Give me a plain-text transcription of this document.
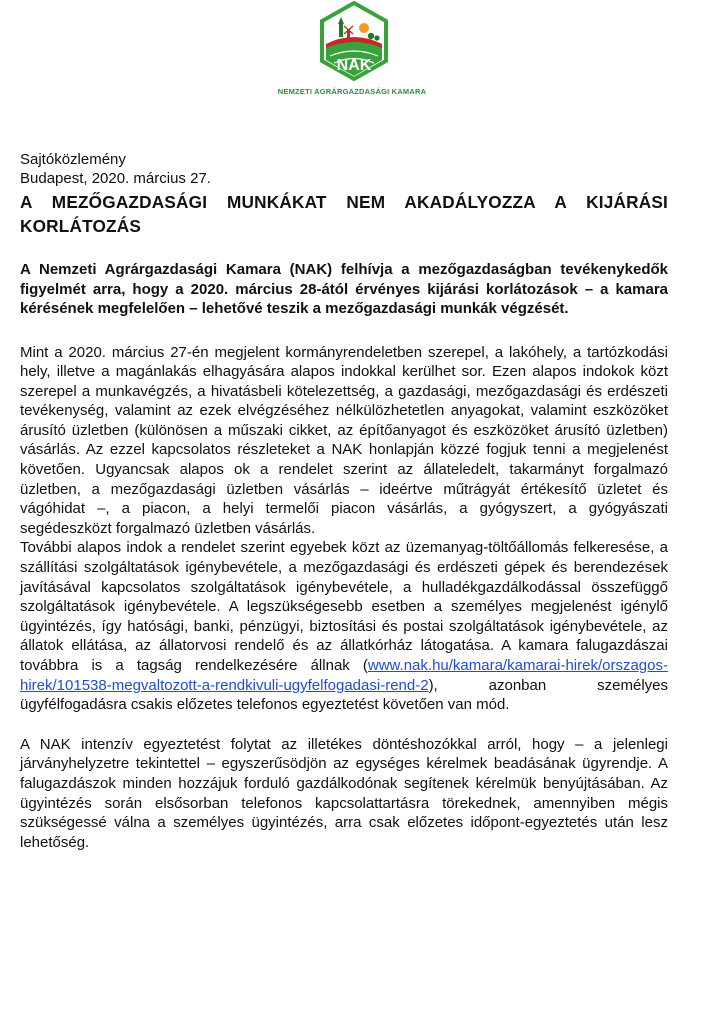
NAK
NEMZETI AGRÁRGAZDASÁGI KAMARA

Sajtóközlemény

Budapest, 2020. március 27.

A MEZŐGAZDASÁGI MUNKÁKAT NEM AKADÁLYOZZA A KIJÁRÁSI KORLÁTOZÁS

A Nemzeti Agrárgazdasági Kamara (NAK) felhívja a mezőgazdaságban tevékenykedők figyelmét arra, hogy a 2020. március 28-ától érvényes kijárási korlátozások – a kamara kérésének megfelelően – lehetővé teszik a mezőgazdasági munkák végzését.

Mint a 2020. március 27-én megjelent kormányrendeletben szerepel, a lakóhely, a tartózkodási hely, illetve a magánlakás elhagyására alapos indokkal kerülhet sor. Ezen alapos indokok közt szerepel a munkavégzés, a hivatásbeli kötelezettség, a gazdasági, mezőgazdasági és erdészeti tevékenység, valamint az ezek elvégzéséhez nélkülözhetetlen anyagokat, valamint eszközöket árusító üzletben (különösen a műszaki cikket, az építőanyagot és eszközöket árusító üzletben) vásárlás. Az ezzel kapcsolatos részleteket a NAK honlapján közzé fogjuk tenni a megjelenést követően. Ugyancsak alapos ok a rendelet szerint az állateledelt, takarmányt forgalmazó üzletben, a mezőgazdasági üzletben vásárlás – ideértve műtrágyát értékesítő üzletet és vágóhidat –, a piacon, a helyi termelői piacon vásárlás, a gyógyszert, a gyógyászati segédeszközt forgalmazó üzletben vásárlás.

További alapos indok a rendelet szerint egyebek közt az üzemanyag-töltőállomás felkeresése, a szállítási szolgáltatások igénybevétele, a mezőgazdasági és erdészeti gépek és berendezések javításával kapcsolatos szolgáltatások igénybevétele, a hulladékgazdálkodással összefüggő szolgáltatások igénybevétele. A legszükségesebb esetben a személyes megjelenést igénylő ügyintézés, így hatósági, banki, pénzügyi, biztosítási és postai szolgáltatások igénybevétele, az állatok ellátása, az állatorvosi rendelő és az állatkórház látogatása. A kamara falugazdászai továbbra is a tagság rendelkezésére állnak (www.nak.hu/kamara/kamarai-hirek/orszagos-hirek/101538-megvaltozott-a-rendkivuli-ugyfelfogadasi-rend-2), azonban személyes ügyfélfogadásra csakis előzetes telefonos egyeztetést követően van mód.

A NAK intenzív egyeztetést folytat az illetékes döntéshozókkal arról, hogy – a jelenlegi járványhelyzetre tekintettel – egyszerűsödjön az egységes kérelmek beadásának ügyrendje. A falugazdászok minden hozzájuk forduló gazdálkodónak segítenek kérelmük benyújtásában. Az ügyintézés során elsősorban telefonos kapcsolattartásra törekednek, amennyiben mégis szükségessé válna a személyes ügyintézés, arra csak előzetes időpont-egyeztetés után lesz lehetőség.
